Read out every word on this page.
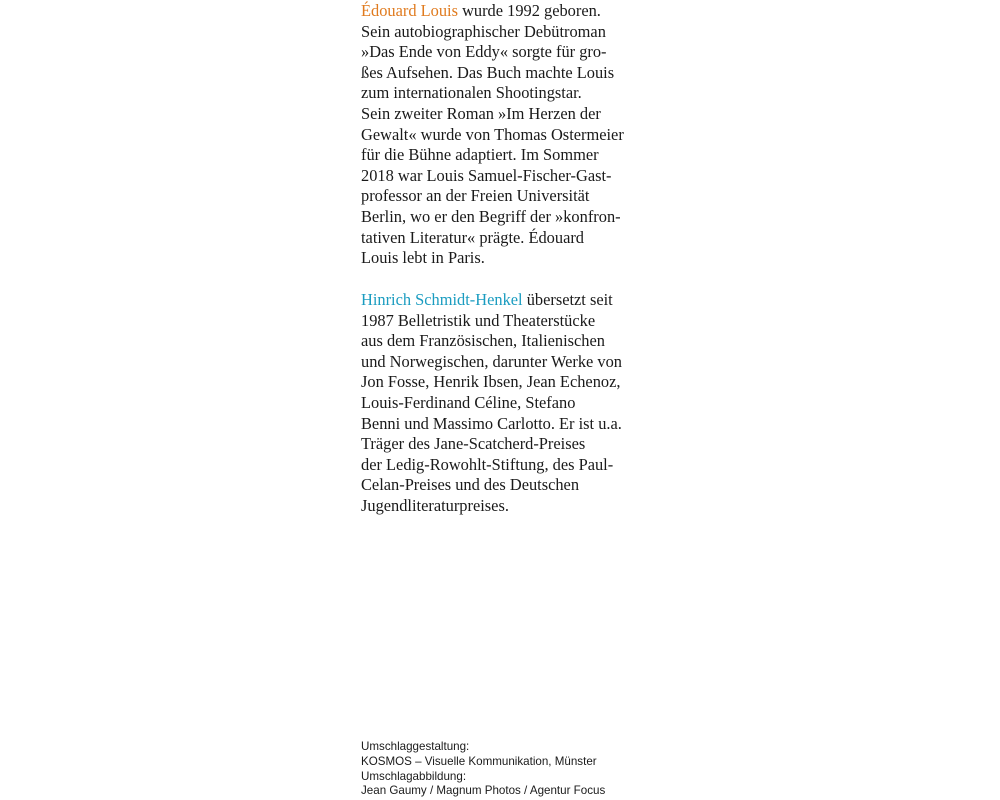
Édouard Louis wurde 1992 geboren.
Sein autobiographischer Debütroman
»Das Ende von Eddy« sorgte für gro-
ßes Aufsehen. Das Buch machte Louis
zum internationalen Shootingstar.
Sein zweiter Roman »Im Herzen der
Gewalt« wurde von Thomas Ostermeier
für die Bühne adaptiert. Im Sommer
2018 war Louis Samuel-Fischer-Gast-
professor an der Freien Universität
Berlin, wo er den Begriff der »konfron-
tativen Literatur« prägte. Édouard
Louis lebt in Paris.
Hinrich Schmidt-Henkel übersetzt seit
1987 Belletristik und Theaterstücke
aus dem Französischen, Italienischen
und Norwegischen, darunter Werke von
Jon Fosse, Henrik Ibsen, Jean Echenoz,
Louis-Ferdinand Céline, Stefano
Benni und Massimo Carlotto. Er ist u.a.
Träger des Jane-Scatcherd-Preises
der Ledig-Rowohlt-Stiftung, des Paul-
Celan-Preises und des Deutschen
Jugendliteraturpreises.
Umschlaggestaltung:
KOSMOS – Visuelle Kommunikation, Münster
Umschlagabbildung:
Jean Gaumy / Magnum Photos / Agentur Focus
